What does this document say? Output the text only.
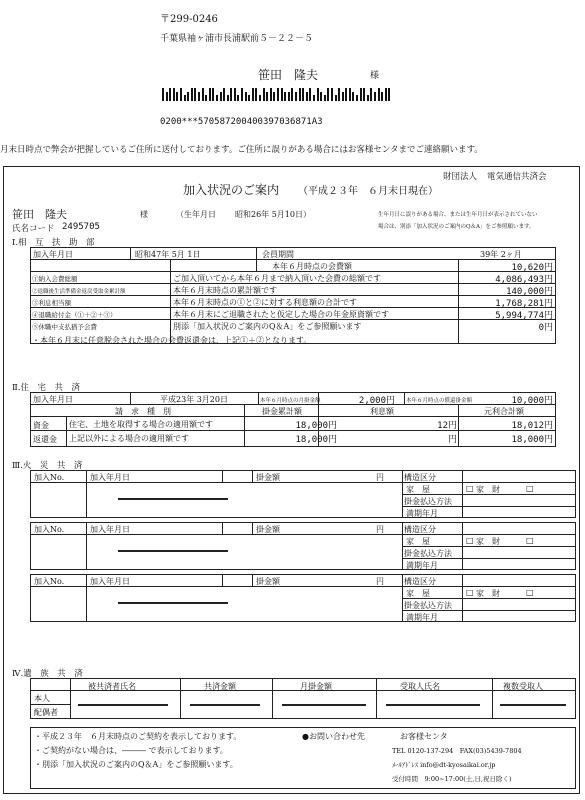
〒299-0246
千葉県袖ヶ浦市長浦駅前５－２２－５
笹田　隆夫	様
0200***570587200400397036871A3
月末日時点で弊会が把握しているご住所に送付しております。ご住所に誤りがある場合にはお客様センタまでご連絡願います。
財団法人 電気通信共済会
加入状況のご案内 （平成２３年　６月末日現在）
笹田　隆夫	様	（生年月日 昭和26年 5月10日）
氏名コード 2495705
生年月日に誤りがある場合、または生年月日が表示されていない
場合は、別添「加入状況のご案内のQ＆A」をご参照願います。
Ⅰ.相　互　扶　助　部
加入年月日	昭和47年 5月 1日	会員期間	39年 2ヶ月
本年６月時点の会費額	10,620円
①納入会費総額	ご加入頂いてから本年６月まで納入頂いた会費の総額です	4,086,493円
②退職後生活準備金返戻受取金累計額	本年６月末時点の累計額です	140,000円
③利息相当額	本年６月末時点の①と②に対する利息額の合計です	1,768,281円
④退職給付金（①＋②＋③）	本年６月末にご退職されたと仮定した場合の年金原資額です	5,994,774円
⑤休職中支払猶予会費	別添「加入状況のご案内のQ＆A」をご参照願います	0円
・本年６月末に任意脱会された場合の会費返還金は、上記①＋②となります。
Ⅱ.住　宅　共　済
加入年月日	平成23年 3月20日	本年６月時点の月掛金額	2,000円 本年６月時点の償還掛金額	10,000円
請　求　種　別	掛金累計額	利息額	元利合計額
資金	住宅、土地を取得する場合の適用額です	18,000円	12円	18,012円
返還金 上記以外による場合の適用額です	18,000円	円	18,000円
Ⅲ.火　災　共　済
加入No.	加入年月日	掛金額	円	構造区分
家　屋	□ 家　財	□
掛金払込方法
満期年月
加入No.	加入年月日	掛金額	円	構造区分
家　屋	□ 家　財	□
掛金払込方法
満期年月
加入No.	加入年月日	掛金額	円	構造区分
家　屋	□ 家　財	□
掛金払込方法
満期年月
Ⅳ.遺　族　共　済
被共済者氏名	共済金額	月掛金額	受取人氏名	複数受取人
本人
配偶者
・平成２３年　６月末時点のご契約を表示しております。
・ご契約がない場合は、――― で表示しております。
・別添「加入状況のご案内のQ＆A」をご参照願います。
●お問い合わせ先	お客様センタ
TEL 0120-137-294　FAX(03)5439-7804
ﾒｰﾙｱﾄﾞﾚｽ info@dt-kyosaikai.or.jp
受付時間　9:00~17:00(土,日,祝日除く)
